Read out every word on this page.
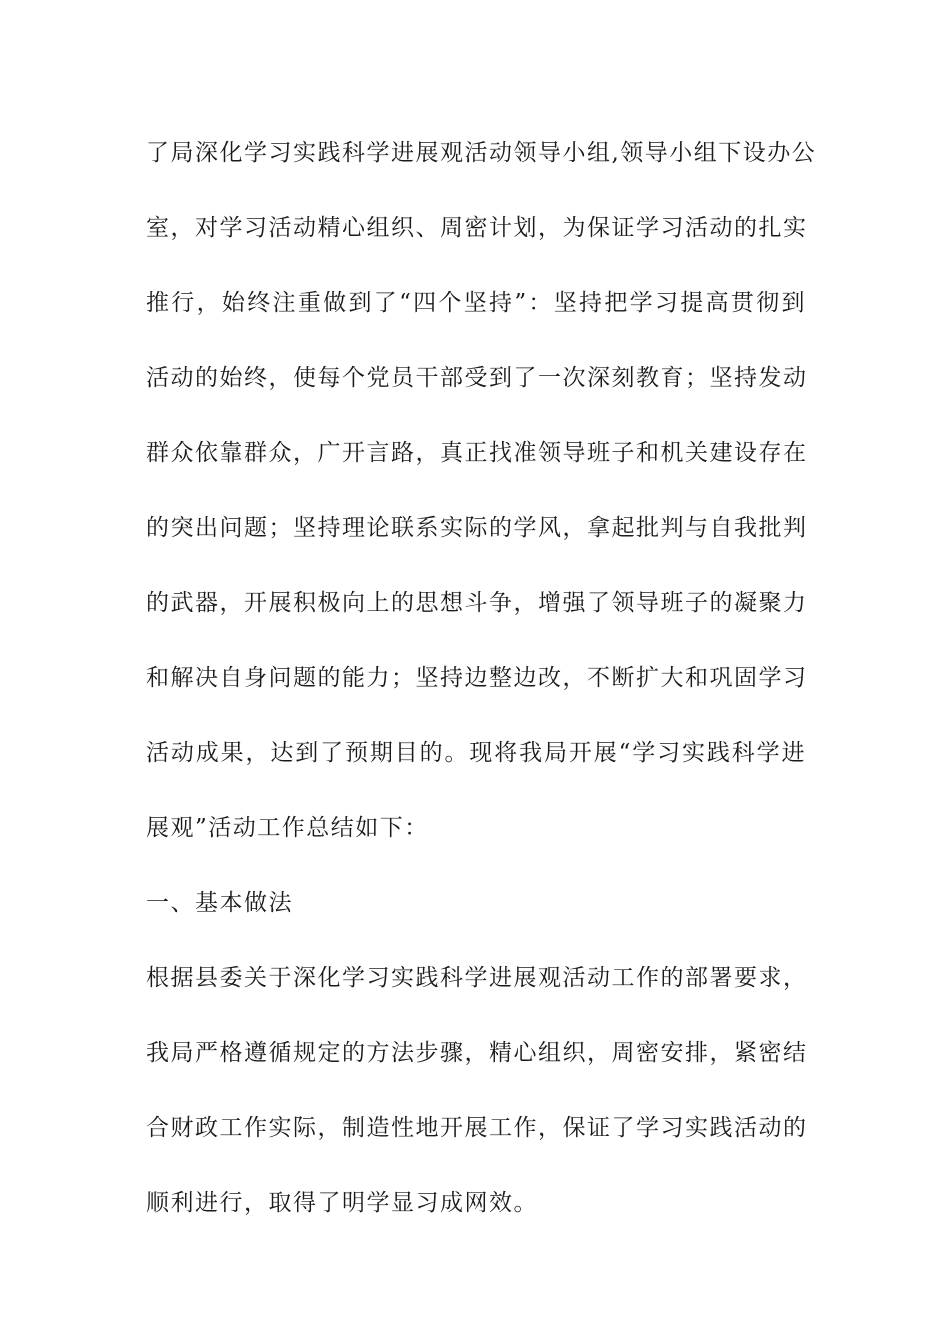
了局深化学习实践科学进展观活动领导小组,领导小组下设办公
室，对学习活动精心组织、周密计划，为保证学习活动的扎实
推行，始终注重做到了“四个坚持”：坚持把学习提高贯彻到
活动的始终，使每个党员干部受到了一次深刻教育；坚持发动
群众依靠群众，广开言路，真正找准领导班子和机关建设存在
的突出问题；坚持理论联系实际的学风，拿起批判与自我批判
的武器，开展积极向上的思想斗争，增强了领导班子的凝聚力
和解决自身问题的能力；坚持边整边改，不断扩大和巩固学习
活动成果，达到了预期目的。现将我局开展“学习实践科学进
展观”活动工作总结如下：
一、基本做法
根据县委关于深化学习实践科学进展观活动工作的部署要求，
我局严格遵循规定的方法步骤，精心组织，周密安排，紧密结
合财政工作实际，制造性地开展工作，保证了学习实践活动的
顺利进行，取得了明学显习成网效。
